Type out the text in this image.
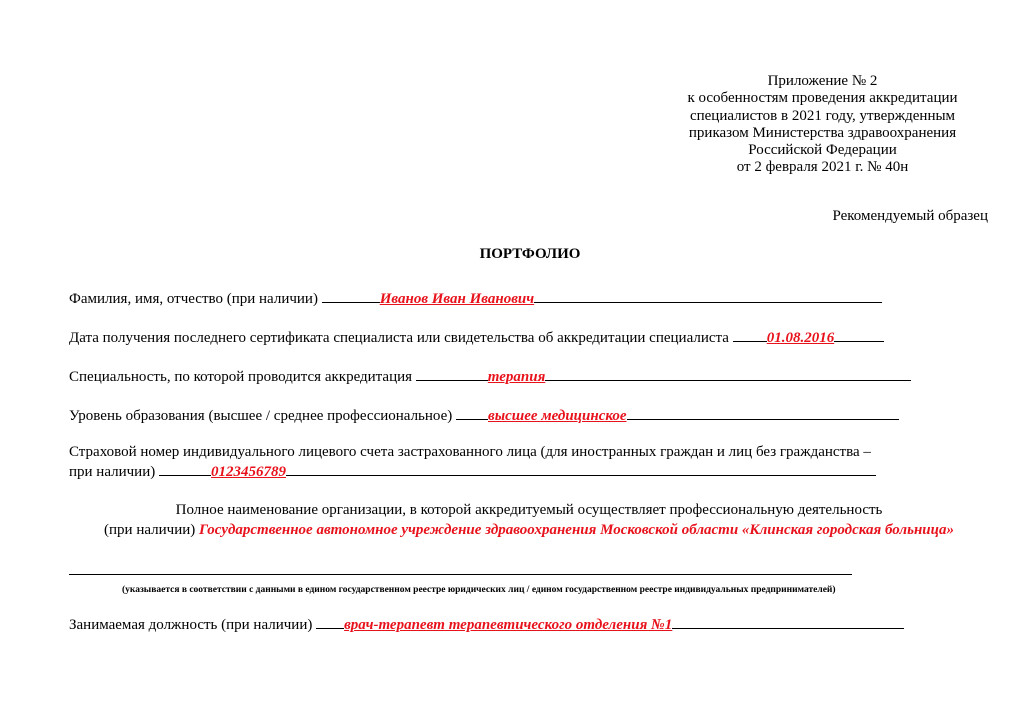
Приложение № 2
к особенностям проведения аккредитации
специалистов в 2021 году, утвержденным
приказом Министерства здравоохранения
Российской Федерации
от 2 февраля 2021 г. № 40н
Рекомендуемый образец
ПОРТФОЛИО
Фамилия, имя, отчество (при наличии)	Иванов Иван Иванович
Дата получения последнего сертификата специалиста или свидетельства об аккредитации специалиста	01.08.2016
Специальность, по которой проводится аккредитация	терапия
Уровень образования (высшее / среднее профессиональное) высшее медицинское
Страховой номер индивидуального лицевого счета застрахованного лица (для иностранных граждан и лиц без гражданства –
при наличии)	0123456789
Полное наименование организации, в которой аккредитуемый осуществляет профессиональную деятельность
(при наличии) Государственное автономное учреждение здравоохранения Московской области «Клинская городская больница»
(указывается в соответствии с данными в едином государственном реестре юридических лиц / едином государственном реестре индивидуальных предпринимателей)
Занимаемая должность (при наличии) врач-терапевт терапевтического отделения №1
